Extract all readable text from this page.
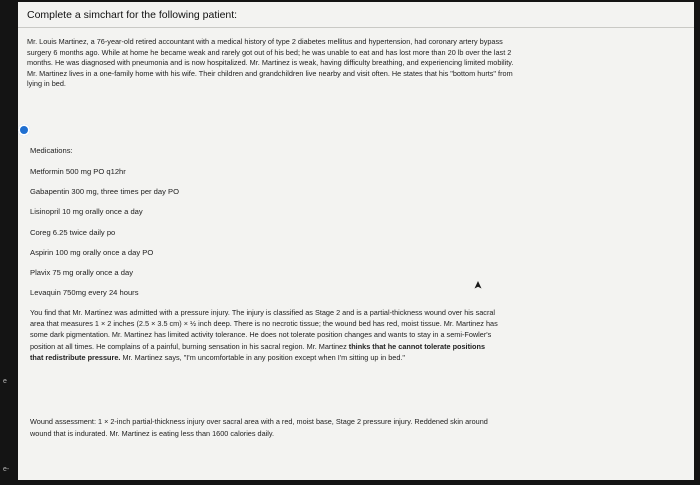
Complete a simchart for the following patient:
Mr. Louis Martinez, a 76-year-old retired accountant with a medical history of type 2 diabetes mellitus and hypertension, had coronary artery bypass surgery 6 months ago. While at home he became weak and rarely got out of his bed; he was unable to eat and has lost more than 20 lb over the last 2 months. He was diagnosed with pneumonia and is now hospitalized. Mr. Martinez is weak, having difficulty breathing, and experiencing limited mobility. Mr. Martinez lives in a one-family home with his wife. Their children and grandchildren live nearby and visit often. He states that his "bottom hurts" from lying in bed.
Medications:
Metformin 500 mg PO q12hr
Gabapentin 300 mg, three times per day PO
Lisinopril 10 mg orally once a day
Coreg 6.25 twice daily po
Aspirin 100 mg orally once a day PO
Plavix 75 mg orally once a day
Levaquin 750mg every 24 hours
You find that Mr. Martinez was admitted with a pressure injury. The injury is classified as Stage 2 and is a partial-thickness wound over his sacral area that measures 1 × 2 inches (2.5 × 3.5 cm) × ½ inch deep. There is no necrotic tissue; the wound bed has red, moist tissue. Mr. Martinez has some dark pigmentation. Mr. Martinez has limited activity tolerance. He does not tolerate position changes and wants to stay in a semi-Fowler's position at all times. He complains of a painful, burning sensation in his sacral region. Mr. Martinez thinks that he cannot tolerate positions that redistribute pressure. Mr. Martinez says, "I'm uncomfortable in any position except when I'm sitting up in bed."
Wound assessment: 1 × 2-inch partial-thickness injury over sacral area with a red, moist base, Stage 2 pressure injury. Reddened skin around wound that is indurated. Mr. Martinez is eating less than 1600 calories daily.
e
e-
